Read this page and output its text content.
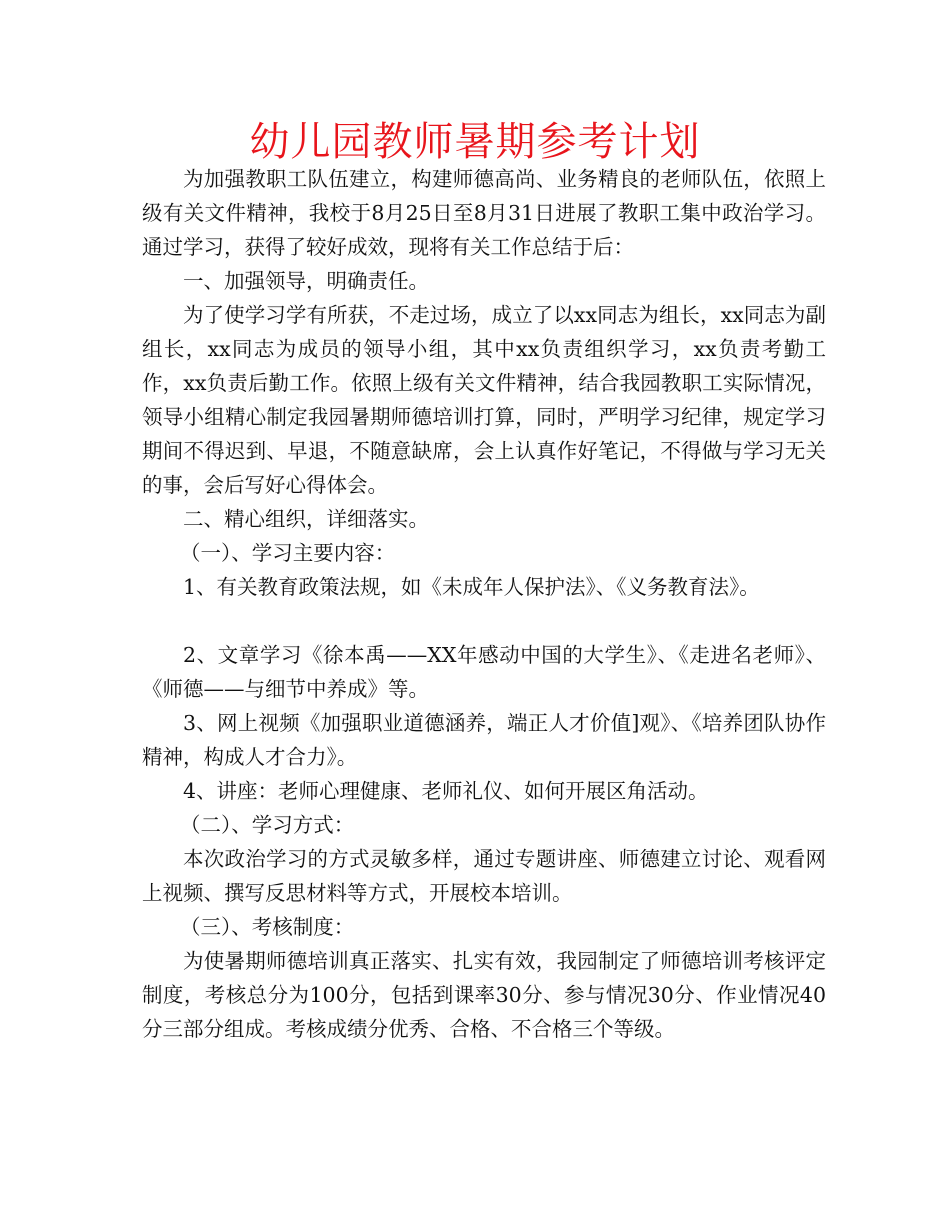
幼儿园教师暑期参考计划

为加强教职工队伍建立，构建师德高尚、业务精良的老师队伍，依照上级有关文件精神，我校于8月25日至8月31日进展了教职工集中政治学习。通过学习，获得了较好成效，现将有关工作总结于后：

一、加强领导，明确责任。

为了使学习学有所获，不走过场，成立了以xx同志为组长，xx同志为副组长，xx同志为成员的领导小组，其中xx负责组织学习，xx负责考勤工作，xx负责后勤工作。依照上级有关文件精神，结合我园教职工实际情况，领导小组精心制定我园暑期师德培训打算，同时，严明学习纪律，规定学习期间不得迟到、早退，不随意缺席，会上认真作好笔记，不得做与学习无关的事，会后写好心得体会。

二、精心组织，详细落实。

（一）、学习主要内容：

1、有关教育政策法规，如《未成年人保护法》、《义务教育法》。

2、文章学习《徐本禹——XX年感动中国的大学生》、《走进名老师》、《师德——与细节中养成》等。

3、网上视频《加强职业道德涵养，端正人才价值]观》、《培养团队协作精神，构成人才合力》。

4、讲座：老师心理健康、老师礼仪、如何开展区角活动。

（二）、学习方式：

本次政治学习的方式灵敏多样，通过专题讲座、师德建立讨论、观看网上视频、撰写反思材料等方式，开展校本培训。

（三）、考核制度：

为使暑期师德培训真正落实、扎实有效，我园制定了师德培训考核评定制度，考核总分为100分，包括到课率30分、参与情况30分、作业情况40分三部分组成。考核成绩分优秀、合格、不合格三个等级。
